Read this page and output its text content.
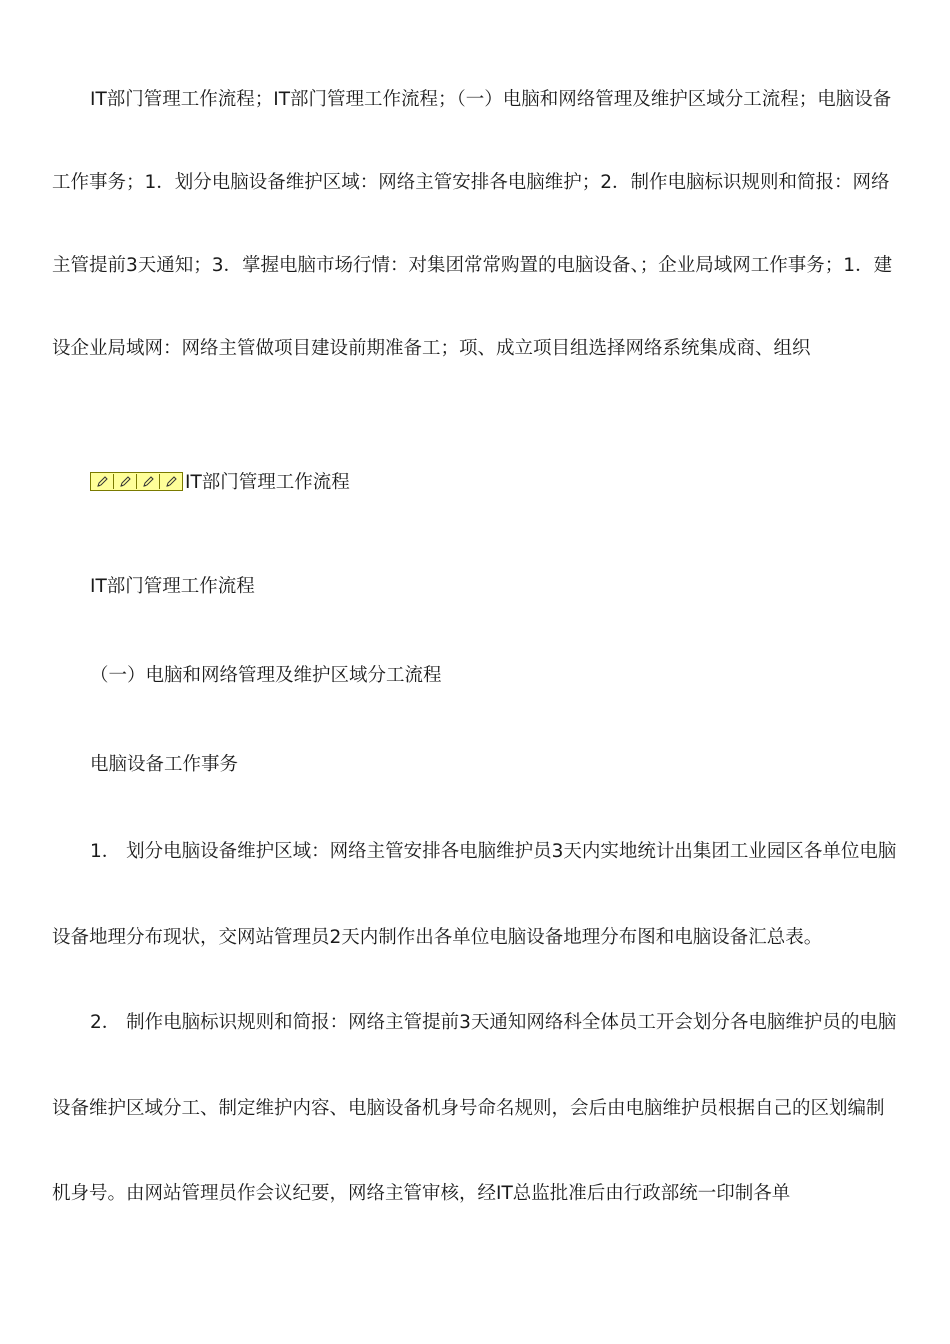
IT部门管理工作流程；IT部门管理工作流程；（一）电脑和网络管理及维护区域分工流程；电脑设备工作事务；1．划分电脑设备维护区域：网络主管安排各电脑维护；2．制作电脑标识规则和简报：网络主管提前3天通知；3．掌握电脑市场行情：对集团常常购置的电脑设备、；企业局域网工作事务；1．建设企业局域网：网络主管做项目建设前期准备工；项、成立项目组选择网络系统集成商、组织

IT部门管理工作流程

IT部门管理工作流程

（一）电脑和网络管理及维护区域分工流程

电脑设备工作事务

1． 划分电脑设备维护区域：网络主管安排各电脑维护员3天内实地统计出集团工业园区各单位电脑设备地理分布现状，交网站管理员2天内制作出各单位电脑设备地理分布图和电脑设备汇总表。

2． 制作电脑标识规则和简报：网络主管提前3天通知网络科全体员工开会划分各电脑维护员的电脑设备维护区域分工、制定维护内容、电脑设备机身号命名规则，会后由电脑维护员根据自己的区划编制机身号。由网站管理员作会议纪要，网络主管审核，经IT总监批准后由行政部统一印制各单
